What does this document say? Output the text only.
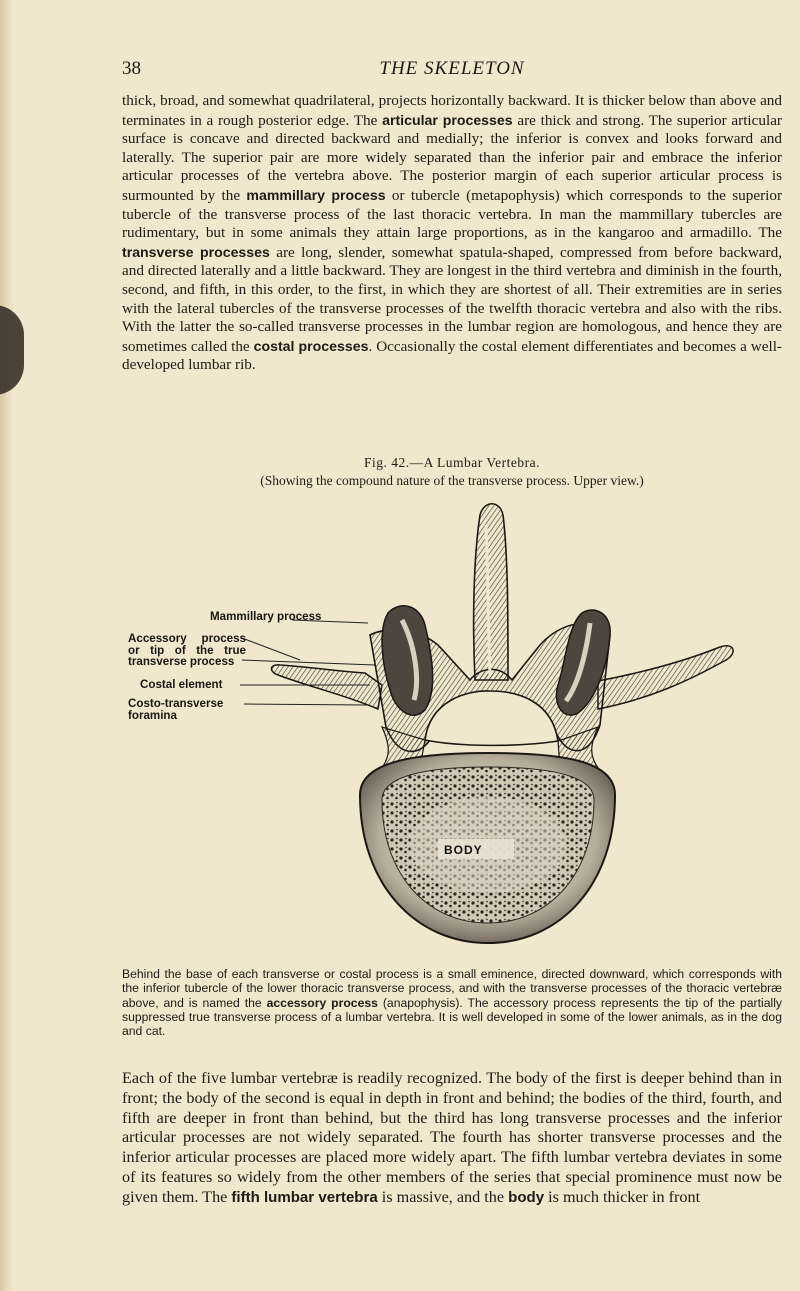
38	THE SKELETON

thick, broad, and somewhat quadrilateral, projects horizontally backward. It is thicker below than above and terminates in a rough posterior edge. The articular processes are thick and strong. The superior articular surface is concave and directed backward and medially; the inferior is convex and looks forward and laterally. The superior pair are more widely separated than the inferior pair and embrace the inferior articular processes of the vertebra above. The posterior margin of each superior articular process is surmounted by the mammillary process or tubercle (metapophysis) which corresponds to the superior tubercle of the transverse process of the last thoracic vertebra. In man the mammillary tubercles are rudimentary, but in some animals they attain large proportions, as in the kangaroo and armadillo. The transverse processes are long, slender, somewhat spatula-shaped, compressed from before backward, and directed laterally and a little backward. They are longest in the third vertebra and diminish in the fourth, second, and fifth, in this order, to the first, in which they are shortest of all. Their extremities are in series with the lateral tubercles of the transverse processes of the twelfth thoracic vertebra and also with the ribs. With the latter the so-called transverse processes in the lumbar region are homologous, and hence they are sometimes called the costal processes. Occasionally the costal element differentiates and becomes a well-developed lumbar rib.

Fig. 42.—A Lumbar Vertebra.
(Showing the compound nature of the transverse process. Upper view.)
BODY
Mammillary process
Accessory process or tip of the true transverse process
Costal element
Costo-transverse foramina

Behind the base of each transverse or costal process is a small eminence, directed downward, which corresponds with the inferior tubercle of the lower thoracic transverse process, and with the transverse processes of the thoracic vertebræ above, and is named the accessory process (anapophysis). The accessory process represents the tip of the partially suppressed true transverse process of a lumbar vertebra. It is well developed in some of the lower animals, as in the dog and cat.

Each of the five lumbar vertebræ is readily recognized. The body of the first is deeper behind than in front; the body of the second is equal in depth in front and behind; the bodies of the third, fourth, and fifth are deeper in front than behind, but the third has long transverse processes and the inferior articular processes are not widely separated. The fourth has shorter transverse processes and the inferior articular processes are placed more widely apart. The fifth lumbar vertebra deviates in some of its features so widely from the other members of the series that special prominence must now be given them. The fifth lumbar vertebra is massive, and the body is much thicker in front
